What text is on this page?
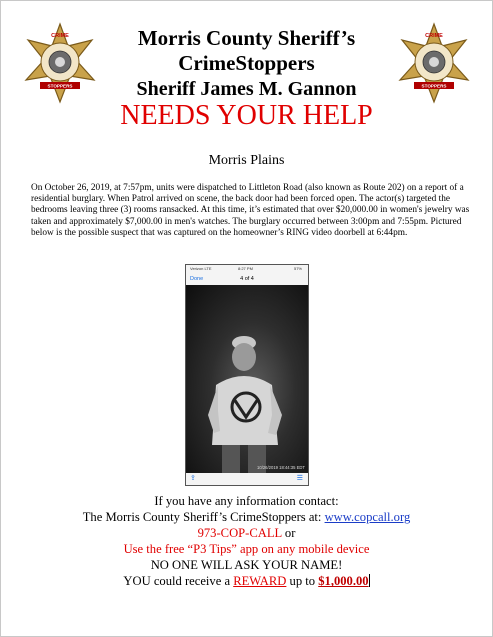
CRIME
STOPPERS
CRIME
STOPPERS
Morris County Sheriff’s
CrimeStoppers
Sheriff James M. Gannon
NEEDS YOUR HELP
Morris Plains
On October 26, 2019, at 7:57pm, units were dispatched to Littleton Road (also known as Route 202) on a report of a residential burglary. When Patrol arrived on scene, the back door had been forced open. The actor(s) targeted the bedrooms leaving three (3) rooms ransacked. At this time, it’s estimated that over $20,000.00 in women's jewelry was taken and approximately $7,000.00 in men's watches. The burglary occurred between 3:00pm and 7:55pm. Pictured below is the possible suspect that was captured on the homeowner’s RING video doorbell at 6:44pm.
Verizon LTE	8:27 PM	57%
Done	4 of 4
10/26/2019 18:44:35 EDT
⇪	☰
If you have any information contact:
The Morris County Sheriff’s CrimeStoppers at: www.copcall.org
973-COP-CALL or
Use the free “P3 Tips” app on any mobile device
NO ONE WILL ASK YOUR NAME!
YOU could receive a REWARD up to $1,000.00
